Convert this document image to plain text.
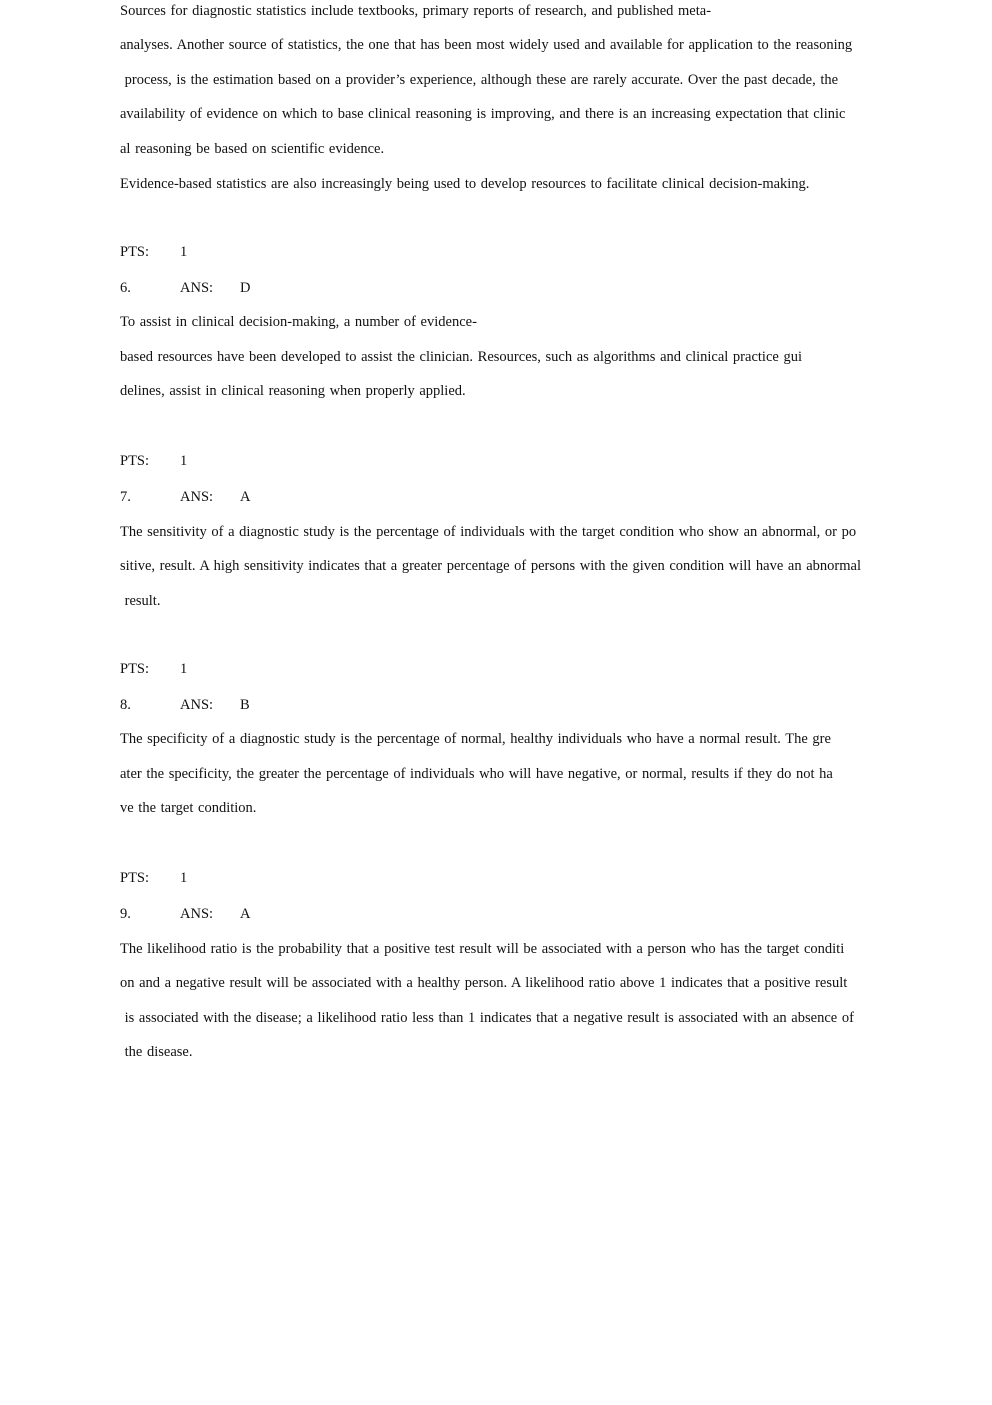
Sources for diagnostic statistics include textbooks, primary reports of research, and published meta-
analyses. Another source of statistics, the one that has been most widely used and available for application to the reasoning
process, is the estimation based on a provider’s experience, although these are rarely accurate. Over the past decade, the
availability of evidence on which to base clinical reasoning is improving, and there is an increasing expectation that clinic
al reasoning be based on scientific evidence.
Evidence-based statistics are also increasingly being used to develop resources to facilitate clinical decision-making.
PTS: 1
6.	ANS: D
To assist in clinical decision-making, a number of evidence-
based resources have been developed to assist the clinician. Resources, such as algorithms and clinical practice gui
delines, assist in clinical reasoning when properly applied.
PTS: 1
7.	ANS: A
The sensitivity of a diagnostic study is the percentage of individuals with the target condition who show an abnormal, or po
sitive, result. A high sensitivity indicates that a greater percentage of persons with the given condition will have an abnormal
result.
PTS: 1
8.	ANS: B
The specificity of a diagnostic study is the percentage of normal, healthy individuals who have a normal result. The gre
ater the specificity, the greater the percentage of individuals who will have negative, or normal, results if they do not ha
ve the target condition.
PTS: 1
9.	ANS: A
The likelihood ratio is the probability that a positive test result will be associated with a person who has the target conditi
on and a negative result will be associated with a healthy person. A likelihood ratio above 1 indicates that a positive result
is associated with the disease; a likelihood ratio less than 1 indicates that a negative result is associated with an absence of
the disease.
